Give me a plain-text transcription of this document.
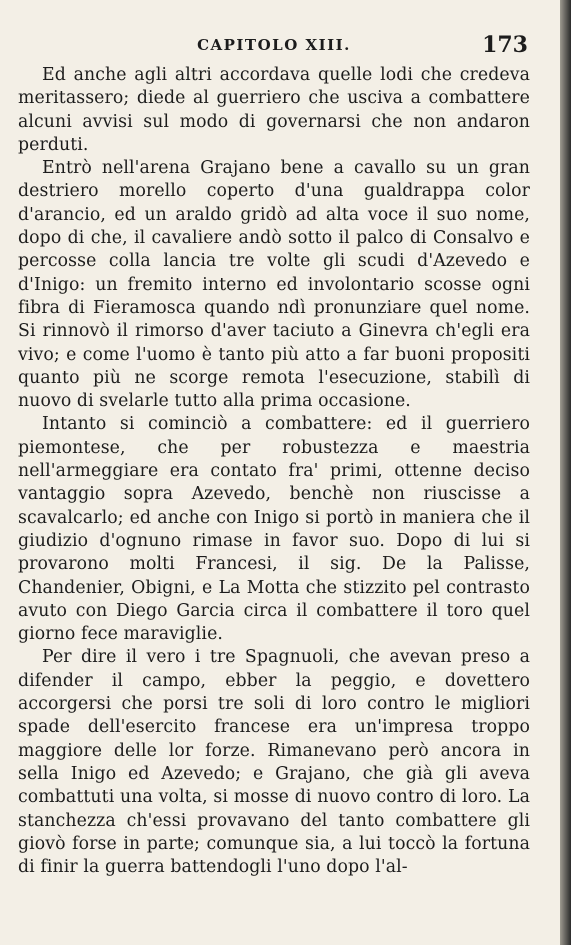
CAPITOLO XIII.	173

Ed anche agli altri accordava quelle lodi che credeva meritassero; diede al guerriero che usciva a combattere alcuni avvisi sul modo di governarsi che non andaron perduti.

Entrò nell'arena Grajano bene a cavallo su un gran destriero morello coperto d'una gualdrappa color d'arancio, ed un araldo gridò ad alta voce il suo nome, dopo di che, il cavaliere andò sotto il palco di Consalvo e percosse colla lancia tre volte gli scudi d'Azevedo e d'Inigo: un fremito interno ed involontario scosse ogni fibra di Fieramosca quando ndì pronunziare quel nome. Si rinnovò il rimorso d'aver taciuto a Ginevra ch'egli era vivo; e come l'uomo è tanto più atto a far buoni propositi quanto più ne scorge remota l'esecuzione, stabilì di nuovo di svelarle tutto alla prima occasione.

Intanto si cominciò a combattere: ed il guerriero piemontese, che per robustezza e maestria nell'armeggiare era contato fra' primi, ottenne deciso vantaggio sopra Azevedo, benchè non riuscisse a scavalcarlo; ed anche con Inigo si portò in maniera che il giudizio d'ognuno rimase in favor suo. Dopo di lui si provarono molti Francesi, il sig. De la Palisse, Chandenier, Obigni, e La Motta che stizzito pel contrasto avuto con Diego Garcia circa il combattere il toro quel giorno fece maraviglie.

Per dire il vero i tre Spagnuoli, che avevan preso a difender il campo, ebber la peggio, e dovettero accorgersi che porsi tre soli di loro contro le migliori spade dell'esercito francese era un'impresa troppo maggiore delle lor forze. Rimanevano però ancora in sella Inigo ed Azevedo; e Grajano, che già gli aveva combattuti una volta, si mosse di nuovo contro di loro. La stanchezza ch'essi provavano del tanto combattere gli giovò forse in parte; comunque sia, a lui toccò la fortuna di finir la guerra battendogli l'uno dopo l'al-
